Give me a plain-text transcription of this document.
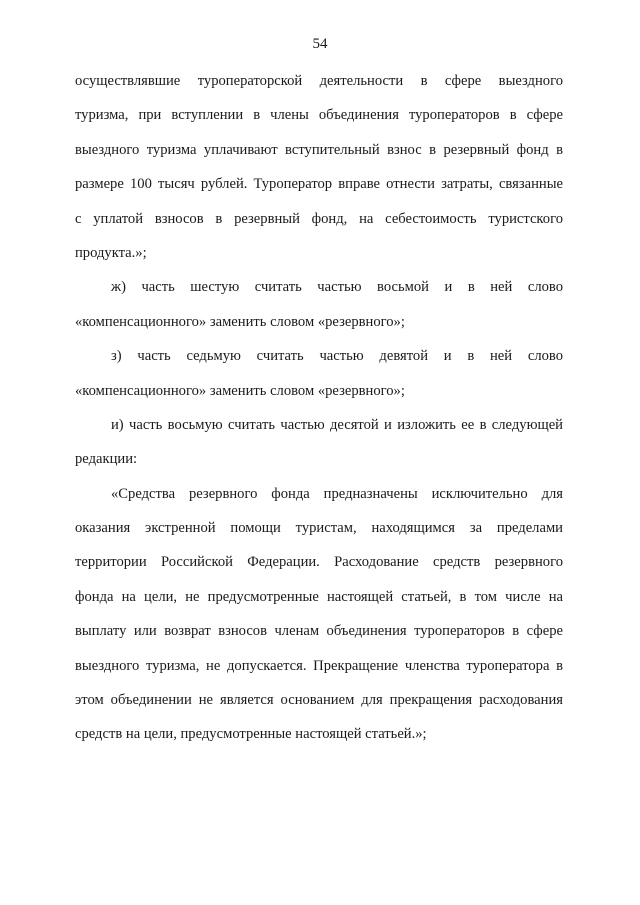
54
осуществлявшие туроператорской деятельности в сфере выездного
туризма, при вступлении в члены объединения туроператоров в сфере
выездного туризма уплачивают вступительный взнос в резервный фонд в
размере 100 тысяч рублей. Туроператор вправе отнести затраты, связанные
с уплатой взносов в резервный фонд, на себестоимость туристского
продукта.»;
ж) часть шестую считать частью восьмой и в ней слово
«компенсационного» заменить словом «резервного»;
з) часть седьмую считать частью девятой и в ней слово
«компенсационного» заменить словом «резервного»;
и) часть восьмую считать частью десятой и изложить ее в следующей
редакции:
«Средства резервного фонда предназначены исключительно для
оказания экстренной помощи туристам, находящимся за пределами
территории Российской Федерации. Расходование средств резервного
фонда на цели, не предусмотренные настоящей статьей, в том числе на
выплату или возврат взносов членам объединения туроператоров в сфере
выездного туризма, не допускается. Прекращение членства туроператора в
этом объединении не является основанием для прекращения расходования
средств на цели, предусмотренные настоящей статьей.»;
